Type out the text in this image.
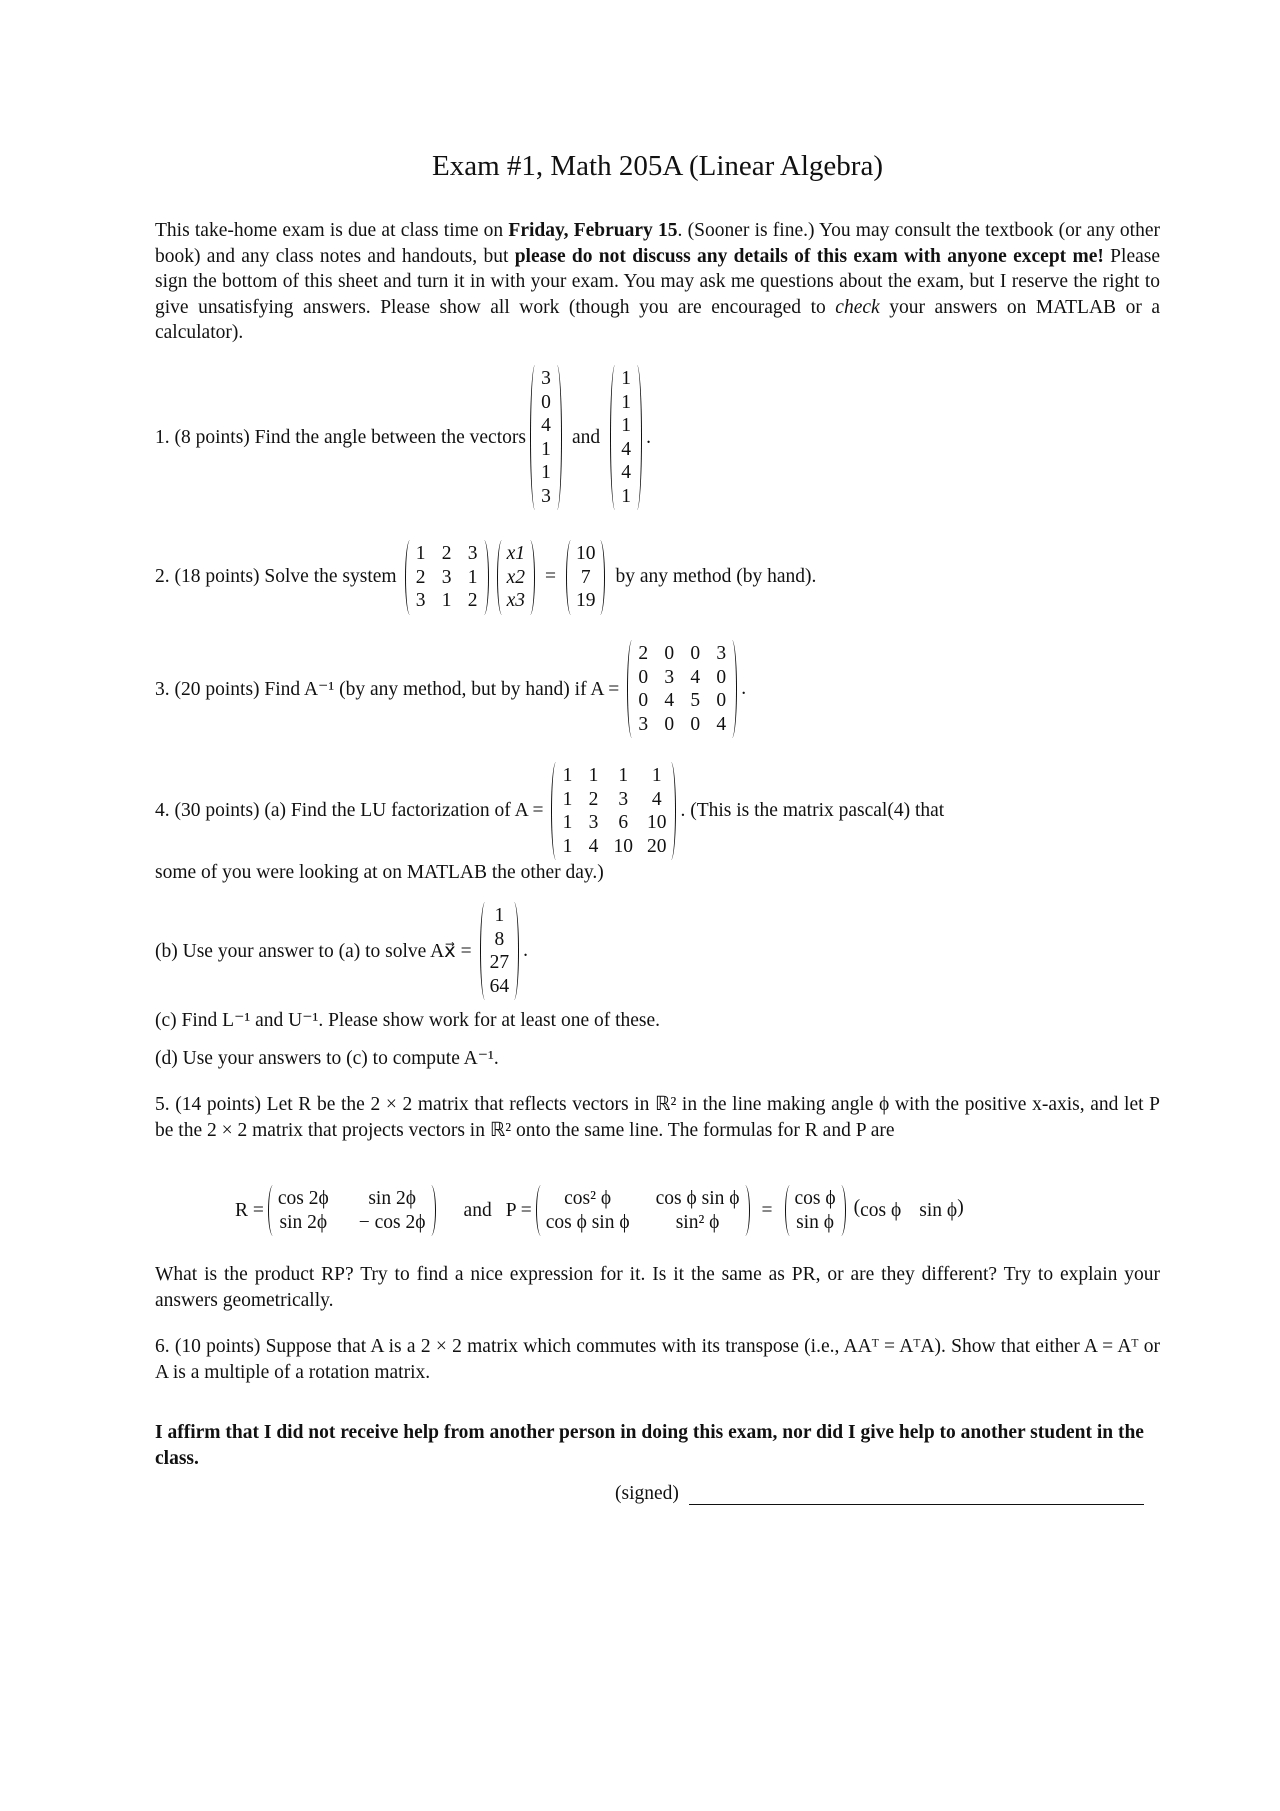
Exam #1, Math 205A (Linear Algebra)
This take-home exam is due at class time on Friday, February 15. (Sooner is fine.) You may consult the textbook (or any other book) and any class notes and handouts, but please do not discuss any details of this exam with anyone except me! Please sign the bottom of this sheet and turn it in with your exam. You may ask me questions about the exam, but I reserve the right to give unsatisfying answers. Please show all work (though you are encouraged to check your answers on MATLAB or a calculator).
1. (8 points) Find the angle between the vectors
3
0
4
1
1
3
and
1
1
1
4
4
1
.
2. (18 points) Solve the system
1 2 3
2 3 1
3 1 2
x1
x2
x3
=
10
7
19
by any method (by hand).
3. (20 points) Find A⁻¹ (by any method, but by hand) if A =
2 0 0 3
0 3 4 0
0 4 5 0
3 0 0 4
.
4. (30 points) (a) Find the LU factorization of A =
1 1 1 1
1 2 3 4
1 3 6 10
1 4 10 20
. (This is the matrix pascal(4) that
some of you were looking at on MATLAB the other day.)
(b) Use your answer to (a) to solve Ax⃗ =
1
8
27
64
.
(c) Find L⁻¹ and U⁻¹. Please show work for at least one of these.
(d) Use your answers to (c) to compute A⁻¹.
5. (14 points) Let R be the 2 × 2 matrix that reflects vectors in ℝ² in the line making angle ϕ with the positive x-axis, and let P be the 2 × 2 matrix that projects vectors in ℝ² onto the same line. The formulas for R and P are
R =
cos 2ϕ	sin 2ϕ
sin 2ϕ − cos 2ϕ
and P =
cos² ϕ	cos ϕ sin ϕ
cos ϕ sin ϕ	sin² ϕ
=
cos ϕ
sin ϕ
( cos ϕ sin ϕ )
What is the product RP? Try to find a nice expression for it. Is it the same as PR, or are they different? Try to explain your answers geometrically.
6. (10 points) Suppose that A is a 2 × 2 matrix which commutes with its transpose (i.e., AAᵀ = AᵀA). Show that either A = Aᵀ or A is a multiple of a rotation matrix.
I affirm that I did not receive help from another person in doing this exam, nor did I give help to another student in the class.
(signed)
